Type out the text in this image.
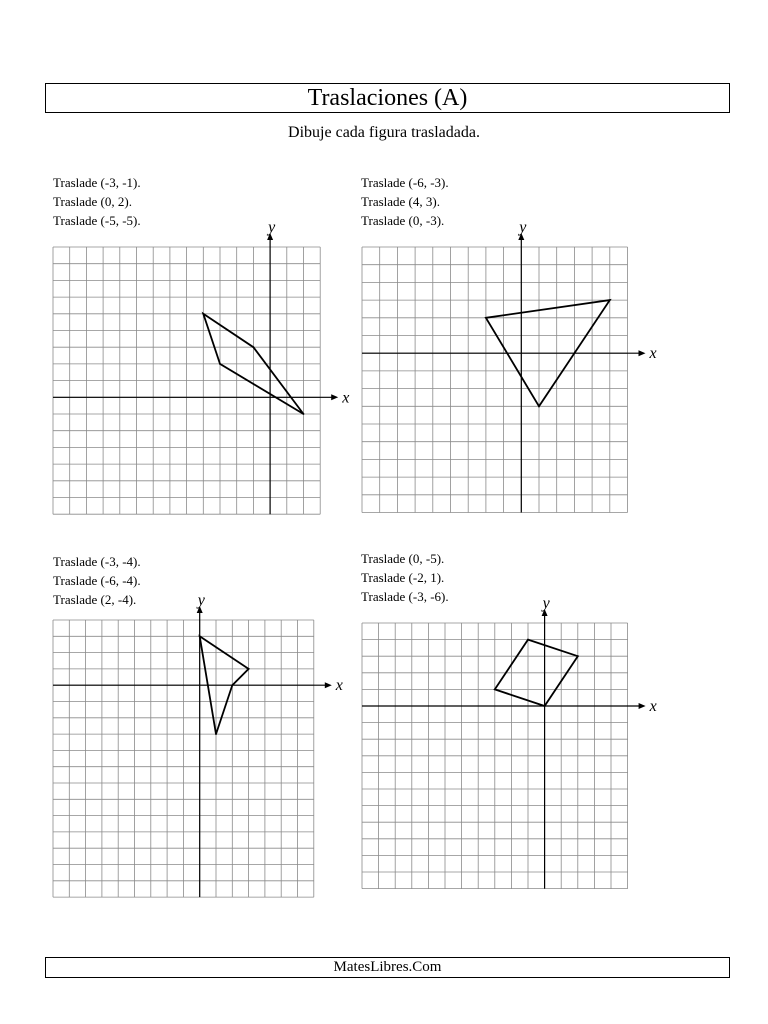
Traslaciones (A)
Dibuje cada figura trasladada.
Traslade (-3, -1).
Traslade (0, 2).
Traslade (-5, -5).
x
y
Traslade (-6, -3).
Traslade (4, 3).
Traslade (0, -3).
x
y
Traslade (-3, -4).
Traslade (-6, -4).
Traslade (2, -4).
x
y
Traslade (0, -5).
Traslade (-2, 1).
Traslade (-3, -6).
x
y
MatesLibres.Com
